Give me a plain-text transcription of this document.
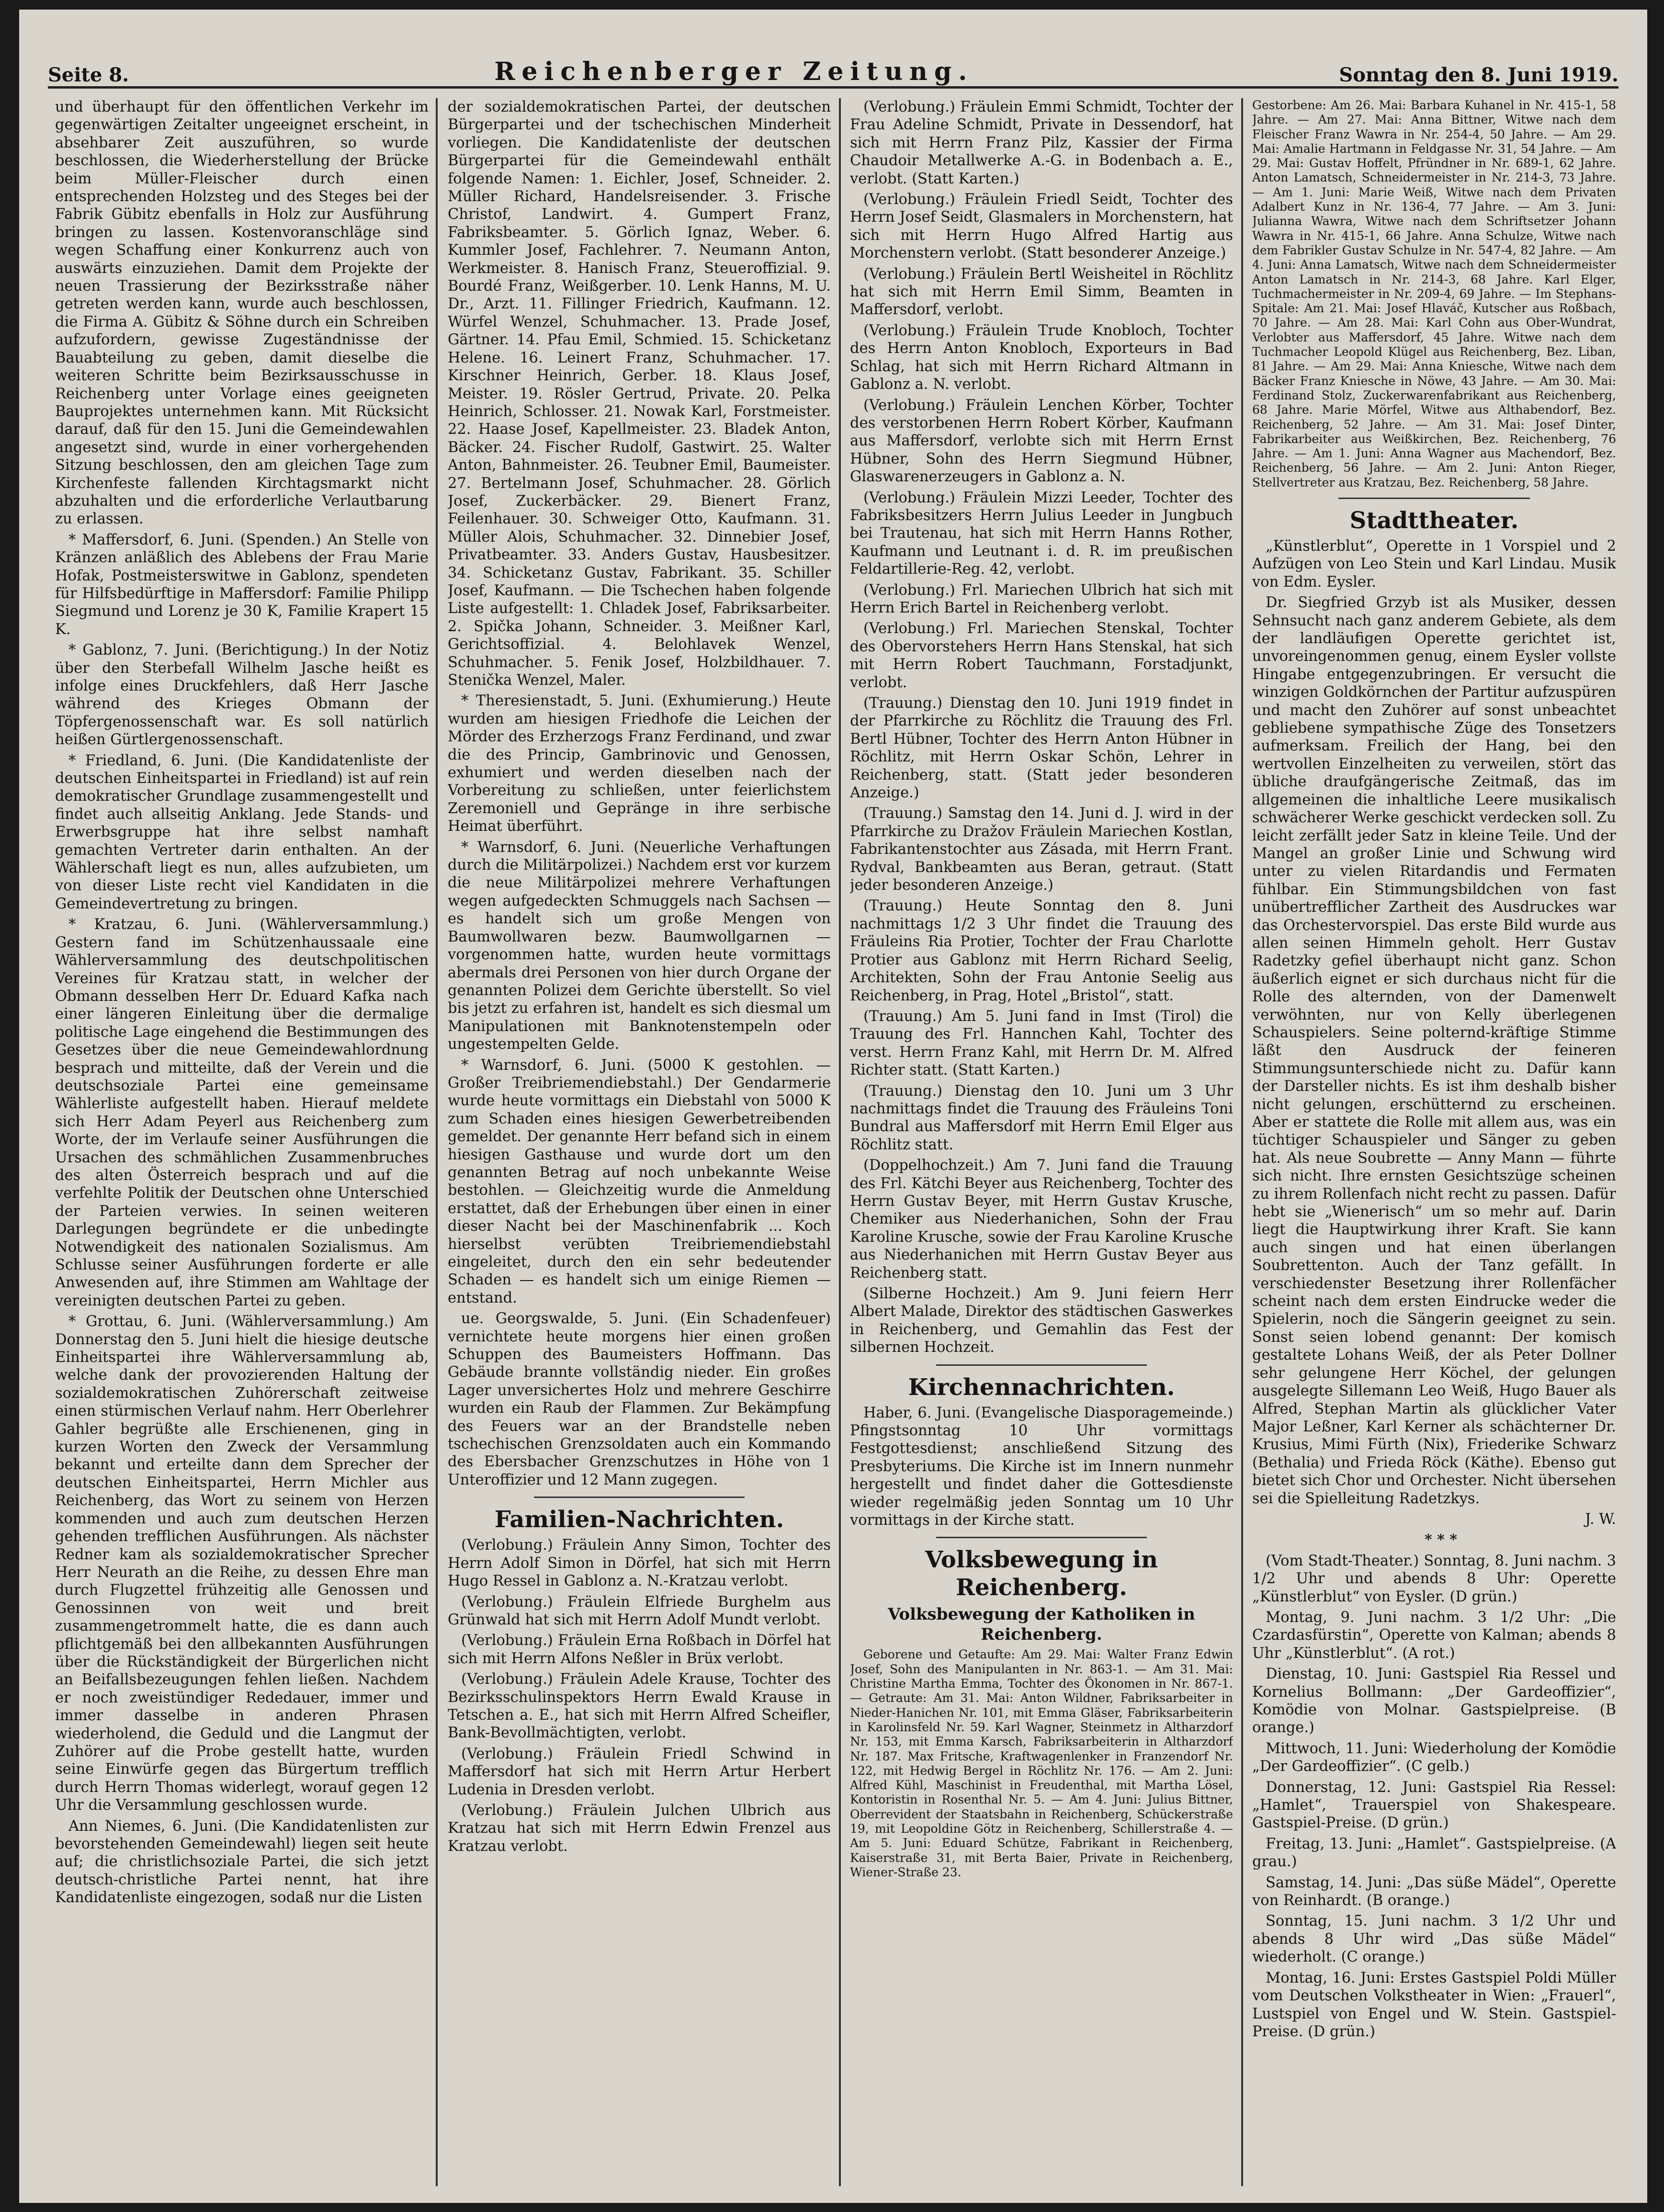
Seite 8.	Reichenberger Zeitung.	Sonntag den 8. Juni 1919.

und überhaupt für den öffentlichen Verkehr im gegenwärtigen Zeitalter ungeeignet erscheint, in absehbarer Zeit auszuführen, so wurde beschlossen, die Wiederherstellung der Brücke beim Müller-Fleischer durch einen entsprechenden Holzsteg und des Steges bei der Fabrik Gübitz ebenfalls in Holz zur Ausführung bringen zu lassen. Kostenvoranschläge sind wegen Schaffung einer Konkurrenz auch von auswärts einzuziehen. Damit dem Projekte der neuen Trassierung der Bezirksstraße näher getreten werden kann, wurde auch beschlossen, die Firma A. Gübitz & Söhne durch ein Schreiben aufzufordern, gewisse Zugeständnisse der Bauabteilung zu geben, damit dieselbe die weiteren Schritte beim Bezirksausschusse in Reichenberg unter Vorlage eines geeigneten Bauprojektes unternehmen kann. Mit Rücksicht darauf, daß für den 15. Juni die Gemeindewahlen angesetzt sind, wurde in einer vorhergehenden Sitzung beschlossen, den am gleichen Tage zum Kirchenfeste fallenden Kirchtagsmarkt nicht abzuhalten und die erforderliche Verlautbarung zu erlassen.

* Maffersdorf, 6. Juni. (Spenden.) An Stelle von Kränzen anläßlich des Ablebens der Frau Marie Hofak, Postmeisterswitwe in Gablonz, spendeten für Hilfsbedürftige in Maffersdorf: Familie Philipp Siegmund und Lorenz je 30 K, Familie Krapert 15 K.

* Gablonz, 7. Juni. (Berichtigung.) In der Notiz über den Sterbefall Wilhelm Jasche heißt es infolge eines Druckfehlers, daß Herr Jasche während des Krieges Obmann der Töpfergenossenschaft war. Es soll natürlich heißen Gürtlergenossenschaft.

* Friedland, 6. Juni. (Die Kandidatenliste der deutschen Einheitspartei in Friedland) ist auf rein demokratischer Grundlage zusammengestellt und findet auch allseitig Anklang. Jede Stands- und Erwerbsgruppe hat ihre selbst namhaft gemachten Vertreter darin enthalten. An der Wählerschaft liegt es nun, alles aufzubieten, um von dieser Liste recht viel Kandidaten in die Gemeindevertretung zu bringen.

* Kratzau, 6. Juni. (Wählerversammlung.) Gestern fand im Schützenhaussaale eine Wählerversammlung des deutschpolitischen Vereines für Kratzau statt, in welcher der Obmann desselben Herr Dr. Eduard Kafka nach einer längeren Einleitung über die dermalige politische Lage eingehend die Bestimmungen des Gesetzes über die neue Gemeindewahlordnung besprach und mitteilte, daß der Verein und die deutschsoziale Partei eine gemeinsame Wählerliste aufgestellt haben. Hierauf meldete sich Herr Adam Peyerl aus Reichenberg zum Worte, der im Verlaufe seiner Ausführungen die Ursachen des schmählichen Zusammenbruches des alten Österreich besprach und auf die verfehlte Politik der Deutschen ohne Unterschied der Parteien verwies. In seinen weiteren Darlegungen begründete er die unbedingte Notwendigkeit des nationalen Sozialismus. Am Schlusse seiner Ausführungen forderte er alle Anwesenden auf, ihre Stimmen am Wahltage der vereinigten deutschen Partei zu geben.

* Grottau, 6. Juni. (Wählerversammlung.) Am Donnerstag den 5. Juni hielt die hiesige deutsche Einheitspartei ihre Wählerversammlung ab, welche dank der provozierenden Haltung der sozialdemokratischen Zuhörerschaft zeitweise einen stürmischen Verlauf nahm. Herr Oberlehrer Gahler begrüßte alle Erschienenen, ging in kurzen Worten den Zweck der Versammlung bekannt und erteilte dann dem Sprecher der deutschen Einheitspartei, Herrn Michler aus Reichenberg, das Wort zu seinem von Herzen kommenden und auch zum deutschen Herzen gehenden trefflichen Ausführungen. Als nächster Redner kam als sozialdemokratischer Sprecher Herr Neurath an die Reihe, zu dessen Ehre man durch Flugzettel frühzeitig alle Genossen und Genossinnen von weit und breit zusammengetrommelt hatte, die es dann auch pflichtgemäß bei den allbekannten Ausführungen über die Rückständigkeit der Bürgerlichen nicht an Beifallsbezeugungen fehlen ließen. Nachdem er noch zweistündiger Rededauer, immer und immer dasselbe in anderen Phrasen wiederholend, die Geduld und die Langmut der Zuhörer auf die Probe gestellt hatte, wurden seine Einwürfe gegen das Bürgertum trefflich durch Herrn Thomas widerlegt, worauf gegen 12 Uhr die Versammlung geschlossen wurde.

Ann Niemes, 6. Juni. (Die Kandidatenlisten zur bevorstehenden Gemeindewahl) liegen seit heute auf; die christlichsoziale Partei, die sich jetzt deutsch-christliche Partei nennt, hat ihre Kandidatenliste eingezogen, sodaß nur die Listen

der sozialdemokratischen Partei, der deutschen Bürgerpartei und der tschechischen Minderheit vorliegen. Die Kandidatenliste der deutschen Bürgerpartei für die Gemeindewahl enthält folgende Namen: 1. Eichler, Josef, Schneider. 2. Müller Richard, Handelsreisender. 3. Frische Christof, Landwirt. 4. Gumpert Franz, Fabriksbeamter. 5. Görlich Ignaz, Weber. 6. Kummler Josef, Fachlehrer. 7. Neumann Anton, Werkmeister. 8. Hanisch Franz, Steueroffizial. 9. Bourdé Franz, Weißgerber. 10. Lenk Hanns, M. U. Dr., Arzt. 11. Fillinger Friedrich, Kaufmann. 12. Würfel Wenzel, Schuhmacher. 13. Prade Josef, Gärtner. 14. Pfau Emil, Schmied. 15. Schicketanz Helene. 16. Leinert Franz, Schuhmacher. 17. Kirschner Heinrich, Gerber. 18. Klaus Josef, Meister. 19. Rösler Gertrud, Private. 20. Pelka Heinrich, Schlosser. 21. Nowak Karl, Forstmeister. 22. Haase Josef, Kapellmeister. 23. Bladek Anton, Bäcker. 24. Fischer Rudolf, Gastwirt. 25. Walter Anton, Bahnmeister. 26. Teubner Emil, Baumeister. 27. Bertelmann Josef, Schuhmacher. 28. Görlich Josef, Zuckerbäcker. 29. Bienert Franz, Feilenhauer. 30. Schweiger Otto, Kaufmann. 31. Müller Alois, Schuhmacher. 32. Dinnebier Josef, Privatbeamter. 33. Anders Gustav, Hausbesitzer. 34. Schicketanz Gustav, Fabrikant. 35. Schiller Josef, Kaufmann. — Die Tschechen haben folgende Liste aufgestellt: 1. Chladek Josef, Fabriksarbeiter. 2. Spička Johann, Schneider. 3. Meißner Karl, Gerichtsoffizial. 4. Belohlavek Wenzel, Schuhmacher. 5. Fenik Josef, Holzbildhauer. 7. Stenička Wenzel, Maler.

* Theresienstadt, 5. Juni. (Exhumierung.) Heute wurden am hiesigen Friedhofe die Leichen der Mörder des Erzherzogs Franz Ferdinand, und zwar die des Princip, Gambrinovic und Genossen, exhumiert und werden dieselben nach der Vorbereitung zu schließen, unter feierlichstem Zeremoniell und Gepränge in ihre serbische Heimat überführt.

* Warnsdorf, 6. Juni. (Neuerliche Verhaftungen durch die Militärpolizei.) Nachdem erst vor kurzem die neue Militärpolizei mehrere Verhaftungen wegen aufgedeckten Schmuggels nach Sachsen — es handelt sich um große Mengen von Baumwollwaren bezw. Baumwollgarnen — vorgenommen hatte, wurden heute vormittags abermals drei Personen von hier durch Organe der genannten Polizei dem Gerichte überstellt. So viel bis jetzt zu erfahren ist, handelt es sich diesmal um Manipulationen mit Banknotenstempeln oder ungestempelten Gelde.

* Warnsdorf, 6. Juni. (5000 K gestohlen. — Großer Treibriemendiebstahl.) Der Gendarmerie wurde heute vormittags ein Diebstahl von 5000 K zum Schaden eines hiesigen Gewerbetreibenden gemeldet. Der genannte Herr befand sich in einem hiesigen Gasthause und wurde dort um den genannten Betrag auf noch unbekannte Weise bestohlen. — Gleichzeitig wurde die Anmeldung erstattet, daß der Erhebungen über einen in einer dieser Nacht bei der Maschinenfabrik ... Koch hierselbst verübten Treibriemendiebstahl eingeleitet, durch den ein sehr bedeutender Schaden — es handelt sich um einige Riemen — entstand.

ue. Georgswalde, 5. Juni. (Ein Schadenfeuer) vernichtete heute morgens hier einen großen Schuppen des Baumeisters Hoffmann. Das Gebäude brannte vollständig nieder. Ein großes Lager unversichertes Holz und mehrere Geschirre wurden ein Raub der Flammen. Zur Bekämpfung des Feuers war an der Brandstelle neben tschechischen Grenzsoldaten auch ein Kommando des Ebersbacher Grenzschutzes in Höhe von 1 Unteroffizier und 12 Mann zugegen.

Familien-Nachrichten.

(Verlobung.) Fräulein Anny Simon, Tochter des Herrn Adolf Simon in Dörfel, hat sich mit Herrn Hugo Ressel in Gablonz a. N.-Kratzau verlobt.

(Verlobung.) Fräulein Elfriede Burghelm aus Grünwald hat sich mit Herrn Adolf Mundt verlobt.

(Verlobung.) Fräulein Erna Roßbach in Dörfel hat sich mit Herrn Alfons Neßler in Brüx verlobt.

(Verlobung.) Fräulein Adele Krause, Tochter des Bezirksschulinspektors Herrn Ewald Krause in Tetschen a. E., hat sich mit Herrn Alfred Scheifler, Bank-Bevollmächtigten, verlobt.

(Verlobung.) Fräulein Friedl Schwind in Maffersdorf hat sich mit Herrn Artur Herbert Ludenia in Dresden verlobt.

(Verlobung.) Fräulein Julchen Ulbrich aus Kratzau hat sich mit Herrn Edwin Frenzel aus Kratzau verlobt.

(Verlobung.) Fräulein Emmi Schmidt, Tochter der Frau Adeline Schmidt, Private in Dessendorf, hat sich mit Herrn Franz Pilz, Kassier der Firma Chaudoir Metallwerke A.-G. in Bodenbach a. E., verlobt. (Statt Karten.)

(Verlobung.) Fräulein Friedl Seidt, Tochter des Herrn Josef Seidt, Glasmalers in Morchenstern, hat sich mit Herrn Hugo Alfred Hartig aus Morchenstern verlobt. (Statt besonderer Anzeige.)

(Verlobung.) Fräulein Bertl Weisheitel in Röchlitz hat sich mit Herrn Emil Simm, Beamten in Maffersdorf, verlobt.

(Verlobung.) Fräulein Trude Knobloch, Tochter des Herrn Anton Knobloch, Exporteurs in Bad Schlag, hat sich mit Herrn Richard Altmann in Gablonz a. N. verlobt.

(Verlobung.) Fräulein Lenchen Körber, Tochter des verstorbenen Herrn Robert Körber, Kaufmann aus Maffersdorf, verlobte sich mit Herrn Ernst Hübner, Sohn des Herrn Siegmund Hübner, Glaswarenerzeugers in Gablonz a. N.

(Verlobung.) Fräulein Mizzi Leeder, Tochter des Fabriksbesitzers Herrn Julius Leeder in Jungbuch bei Trautenau, hat sich mit Herrn Hanns Rother, Kaufmann und Leutnant i. d. R. im preußischen Feldartillerie-Reg. 42, verlobt.

(Verlobung.) Frl. Mariechen Ulbrich hat sich mit Herrn Erich Bartel in Reichenberg verlobt.

(Verlobung.) Frl. Mariechen Stenskal, Tochter des Obervorstehers Herrn Hans Stenskal, hat sich mit Herrn Robert Tauchmann, Forstadjunkt, verlobt.

(Trauung.) Dienstag den 10. Juni 1919 findet in der Pfarrkirche zu Röchlitz die Trauung des Frl. Bertl Hübner, Tochter des Herrn Anton Hübner in Röchlitz, mit Herrn Oskar Schön, Lehrer in Reichenberg, statt. (Statt jeder besonderen Anzeige.)

(Trauung.) Samstag den 14. Juni d. J. wird in der Pfarrkirche zu Dražov Fräulein Mariechen Kostlan, Fabrikantenstochter aus Zásada, mit Herrn Frant. Rydval, Bankbeamten aus Beran, getraut. (Statt jeder besonderen Anzeige.)

(Trauung.) Heute Sonntag den 8. Juni nachmittags 1/2 3 Uhr findet die Trauung des Fräuleins Ria Protier, Tochter der Frau Charlotte Protier aus Gablonz mit Herrn Richard Seelig, Architekten, Sohn der Frau Antonie Seelig aus Reichenberg, in Prag, Hotel „Bristol“, statt.

(Trauung.) Am 5. Juni fand in Imst (Tirol) die Trauung des Frl. Hannchen Kahl, Tochter des verst. Herrn Franz Kahl, mit Herrn Dr. M. Alfred Richter statt. (Statt Karten.)

(Trauung.) Dienstag den 10. Juni um 3 Uhr nachmittags findet die Trauung des Fräuleins Toni Bundral aus Maffersdorf mit Herrn Emil Elger aus Röchlitz statt.

(Doppelhochzeit.) Am 7. Juni fand die Trauung des Frl. Kätchi Beyer aus Reichenberg, Tochter des Herrn Gustav Beyer, mit Herrn Gustav Krusche, Chemiker aus Niederhanichen, Sohn der Frau Karoline Krusche, sowie der Frau Karoline Krusche aus Niederhanichen mit Herrn Gustav Beyer aus Reichenberg statt.

(Silberne Hochzeit.) Am 9. Juni feiern Herr Albert Malade, Direktor des städtischen Gaswerkes in Reichenberg, und Gemahlin das Fest der silbernen Hochzeit.

Kirchennachrichten.

Haber, 6. Juni. (Evangelische Diasporagemeinde.) Pfingstsonntag 10 Uhr vormittags Festgottesdienst; anschließend Sitzung des Presbyteriums. Die Kirche ist im Innern nunmehr hergestellt und findet daher die Gottesdienste wieder regelmäßig jeden Sonntag um 10 Uhr vormittags in der Kirche statt.

Volksbewegung in Reichenberg.

Volksbewegung der Katholiken in Reichenberg.

Geborene und Getaufte: Am 29. Mai: Walter Franz Edwin Josef, Sohn des Manipulanten in Nr. 863-1. — Am 31. Mai: Christine Martha Emma, Tochter des Ökonomen in Nr. 867-1. — Getraute: Am 31. Mai: Anton Wildner, Fabriksarbeiter in Nieder-Hanichen Nr. 101, mit Emma Gläser, Fabriksarbeiterin in Karolinsfeld Nr. 59. Karl Wagner, Steinmetz in Altharzdorf Nr. 153, mit Emma Karsch, Fabriksarbeiterin in Altharzdorf Nr. 187. Max Fritsche, Kraftwagenlenker in Franzendorf Nr. 122, mit Hedwig Bergel in Röchlitz Nr. 176. — Am 2. Juni: Alfred Kühl, Maschinist in Freudenthal, mit Martha Lösel, Kontoristin in Rosenthal Nr. 5. — Am 4. Juni: Julius Bittner, Oberrevident der Staatsbahn in Reichenberg, Schückerstraße 19, mit Leopoldine Götz in Reichenberg, Schillerstraße 4. — Am 5. Juni: Eduard Schütze, Fabrikant in Reichenberg, Kaiserstraße 31, mit Berta Baier, Private in Reichenberg, Wiener-Straße 23.

Gestorbene: Am 26. Mai: Barbara Kuhanel in Nr. 415-1, 58 Jahre. — Am 27. Mai: Anna Bittner, Witwe nach dem Fleischer Franz Wawra in Nr. 254-4, 50 Jahre. — Am 29. Mai: Amalie Hartmann in Feldgasse Nr. 31, 54 Jahre. — Am 29. Mai: Gustav Hoffelt, Pfründner in Nr. 689-1, 62 Jahre. Anton Lamatsch, Schneidermeister in Nr. 214-3, 73 Jahre. — Am 1. Juni: Marie Weiß, Witwe nach dem Privaten Adalbert Kunz in Nr. 136-4, 77 Jahre. — Am 3. Juni: Julianna Wawra, Witwe nach dem Schriftsetzer Johann Wawra in Nr. 415-1, 66 Jahre. Anna Schulze, Witwe nach dem Fabrikler Gustav Schulze in Nr. 547-4, 82 Jahre. — Am 4. Juni: Anna Lamatsch, Witwe nach dem Schneidermeister Anton Lamatsch in Nr. 214-3, 68 Jahre. Karl Elger, Tuchmachermeister in Nr. 209-4, 69 Jahre. — Im Stephans-Spitale: Am 21. Mai: Josef Hlaváč, Kutscher aus Roßbach, 70 Jahre. — Am 28. Mai: Karl Cohn aus Ober-Wundrat, Verlobter aus Maffersdorf, 45 Jahre. Witwe nach dem Tuchmacher Leopold Klügel aus Reichenberg, Bez. Liban, 81 Jahre. — Am 29. Mai: Anna Kniesche, Witwe nach dem Bäcker Franz Kniesche in Nöwe, 43 Jahre. — Am 30. Mai: Ferdinand Stolz, Zuckerwarenfabrikant aus Reichenberg, 68 Jahre. Marie Mörfel, Witwe aus Althabendorf, Bez. Reichenberg, 52 Jahre. — Am 31. Mai: Josef Dinter, Fabrikarbeiter aus Weißkirchen, Bez. Reichenberg, 76 Jahre. — Am 1. Juni: Anna Wagner aus Machendorf, Bez. Reichenberg, 56 Jahre. — Am 2. Juni: Anton Rieger, Stellvertreter aus Kratzau, Bez. Reichenberg, 58 Jahre.

Stadttheater.

„Künstlerblut“, Operette in 1 Vorspiel und 2 Aufzügen von Leo Stein und Karl Lindau. Musik von Edm. Eysler.

Dr. Siegfried Grzyb ist als Musiker, dessen Sehnsucht nach ganz anderem Gebiete, als dem der landläufigen Operette gerichtet ist, unvoreingenommen genug, einem Eysler vollste Hingabe entgegenzubringen. Er versucht die winzigen Goldkörnchen der Partitur aufzuspüren und macht den Zuhörer auf sonst unbeachtet gebliebene sympathische Züge des Tonsetzers aufmerksam. Freilich der Hang, bei den wertvollen Einzelheiten zu verweilen, stört das übliche draufgängerische Zeitmaß, das im allgemeinen die inhaltliche Leere musikalisch schwächerer Werke geschickt verdecken soll. Zu leicht zerfällt jeder Satz in kleine Teile. Und der Mangel an großer Linie und Schwung wird unter zu vielen Ritardandis und Fermaten fühlbar. Ein Stimmungsbildchen von fast unübertrefflicher Zartheit des Ausdruckes war das Orchestervorspiel. Das erste Bild wurde aus allen seinen Himmeln geholt. Herr Gustav Radetzky gefiel überhaupt nicht ganz. Schon äußerlich eignet er sich durchaus nicht für die Rolle des alternden, von der Damenwelt verwöhnten, nur von Kelly überlegenen Schauspielers. Seine polternd-kräftige Stimme läßt den Ausdruck der feineren Stimmungsunterschiede nicht zu. Dafür kann der Darsteller nichts. Es ist ihm deshalb bisher nicht gelungen, erschütternd zu erscheinen. Aber er stattete die Rolle mit allem aus, was ein tüchtiger Schauspieler und Sänger zu geben hat. Als neue Soubrette — Anny Mann — führte sich nicht. Ihre ernsten Gesichtszüge scheinen zu ihrem Rollenfach nicht recht zu passen. Dafür hebt sie „Wienerisch“ um so mehr auf. Darin liegt die Hauptwirkung ihrer Kraft. Sie kann auch singen und hat einen überlangen Soubrettenton. Auch der Tanz gefällt. In verschiedenster Besetzung ihrer Rollenfächer scheint nach dem ersten Eindrucke weder die Spielerin, noch die Sängerin geeignet zu sein. Sonst seien lobend genannt: Der komisch gestaltete Lohans Weiß, der als Peter Dollner sehr gelungene Herr Köchel, der gelungen ausgelegte Sillemann Leo Weiß, Hugo Bauer als Alfred, Stephan Martin als glücklicher Vater Major Leßner, Karl Kerner als schächterner Dr. Krusius, Mimi Fürth (Nix), Friederike Schwarz (Bethalia) und Frieda Röck (Käthe). Ebenso gut bietet sich Chor und Orchester. Nicht übersehen sei die Spielleitung Radetzkys.

J. W.

* * *

(Vom Stadt-Theater.) Sonntag, 8. Juni nachm. 3 1/2 Uhr und abends 8 Uhr: Operette „Künstlerblut“ von Eysler. (D grün.)

Montag, 9. Juni nachm. 3 1/2 Uhr: „Die Czardasfürstin“, Operette von Kalman; abends 8 Uhr „Künstlerblut“. (A rot.)

Dienstag, 10. Juni: Gastspiel Ria Ressel und Kornelius Bollmann: „Der Gardeoffizier“, Komödie von Molnar. Gastspielpreise. (B orange.)

Mittwoch, 11. Juni: Wiederholung der Komödie „Der Gardeoffizier“. (C gelb.)

Donnerstag, 12. Juni: Gastspiel Ria Ressel: „Hamlet“, Trauerspiel von Shakespeare. Gastspiel-Preise. (D grün.)

Freitag, 13. Juni: „Hamlet“. Gastspielpreise. (A grau.)

Samstag, 14. Juni: „Das süße Mädel“, Operette von Reinhardt. (B orange.)

Sonntag, 15. Juni nachm. 3 1/2 Uhr und abends 8 Uhr wird „Das süße Mädel“ wiederholt. (C orange.)

Montag, 16. Juni: Erstes Gastspiel Poldi Müller vom Deutschen Volkstheater in Wien: „Frauerl“, Lustspiel von Engel und W. Stein. Gastspiel-Preise. (D grün.)
